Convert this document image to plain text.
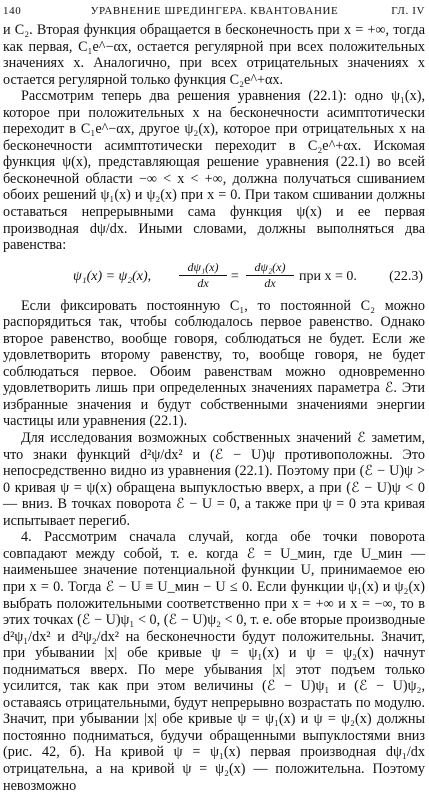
140	УРАВНЕНИЕ ШРЕДИНГЕРА. КВАНТОВАНИЕ	ГЛ. IV

и C₂. Вторая функция обращается в бесконечность при x = +∞, тогда как первая, C₁e^−αx, остается регулярной при всех положительных значениях x. Аналогично, при всех отрицательных значениях x остается регулярной только функция C₂e^+αx.

Рассмотрим теперь два решения уравнения (22.1): одно ψ₁(x), которое при положительных x на бесконечности асимптотически переходит в C₁e^−αx, другое ψ₂(x), которое при отрицательных x на бесконечности асимптотически переходит в C₂e^+αx. Искомая функция ψ(x), представляющая решение уравнения (22.1) во всей бесконечной области −∞ < x < +∞, должна получаться сшиванием обоих решений ψ₁(x) и ψ₂(x) при x = 0. При таком сшивании должны оставаться непрерывными сама функция ψ(x) и ее первая производная dψ/dx. Иными словами, должны выполняться два равенства:

ψ₁(x) = ψ₂(x), $\frac{\text{dψ₁(x)}}{dx} = \frac{\text{dψ₂(x)}}{dx}$ при x = 0. (22.3)

Если фиксировать постоянную C₁, то постоянной C₂ можно распорядиться так, чтобы соблюдалось первое равенство. Однако второе равенство, вообще говоря, соблюдаться не будет. Если же удовлетворить второму равенству, то, вообще говоря, не будет соблюдаться первое. Обоим равенствам можно одновременно удовлетворить лишь при определенных значениях параметра ℰ. Эти избранные значения и будут собственными значениями энергии частицы или уравнения (22.1).

Для исследования возможных собственных значений ℰ заметим, что знаки функций d²ψ/dx² и (ℰ − U)ψ противоположны. Это непосредственно видно из уравнения (22.1). Поэтому при (ℰ − U)ψ > 0 кривая ψ = ψ(x) обращена выпуклостью вверх, а при (ℰ − U)ψ < 0 — вниз. В точках поворота ℰ − U = 0, а также при ψ = 0 эта кривая испытывает перегиб.

4. Рассмотрим сначала случай, когда обе точки поворота совпадают между собой, т. е. когда ℰ = U_мин, где U_мин — наименьшее значение потенциальной функции U, принимаемое ею при x = 0. Тогда ℰ − U ≡ U_мин − U ≤ 0. Если функции ψ₁(x) и ψ₂(x) выбрать положительными соответственно при x = +∞ и x = −∞, то в этих точках (ℰ − U)ψ₁ < 0, (ℰ − U)ψ₂ < 0, т. е. обе вторые производные d²ψ₁/dx² и d²ψ₂/dx² на бесконечности будут положительны. Значит, при убывании |x| обе кривые ψ = ψ₁(x) и ψ = ψ₂(x) начнут подниматься вверх. По мере убывания |x| этот подъем только усилится, так как при этом величины (ℰ − U)ψ₁ и (ℰ − U)ψ₂, оставаясь отрицательными, будут непрерывно возрастать по модулю. Значит, при убывании |x| обе кривые ψ = ψ₁(x) и ψ = ψ₂(x) должны постоянно подниматься, будучи обращенными выпуклостями вниз (рис. 42, б). На кривой ψ = ψ₁(x) первая производная dψ₁/dx отрицательна, а на кривой ψ = ψ₂(x) — положительна. Поэтому невозможно
